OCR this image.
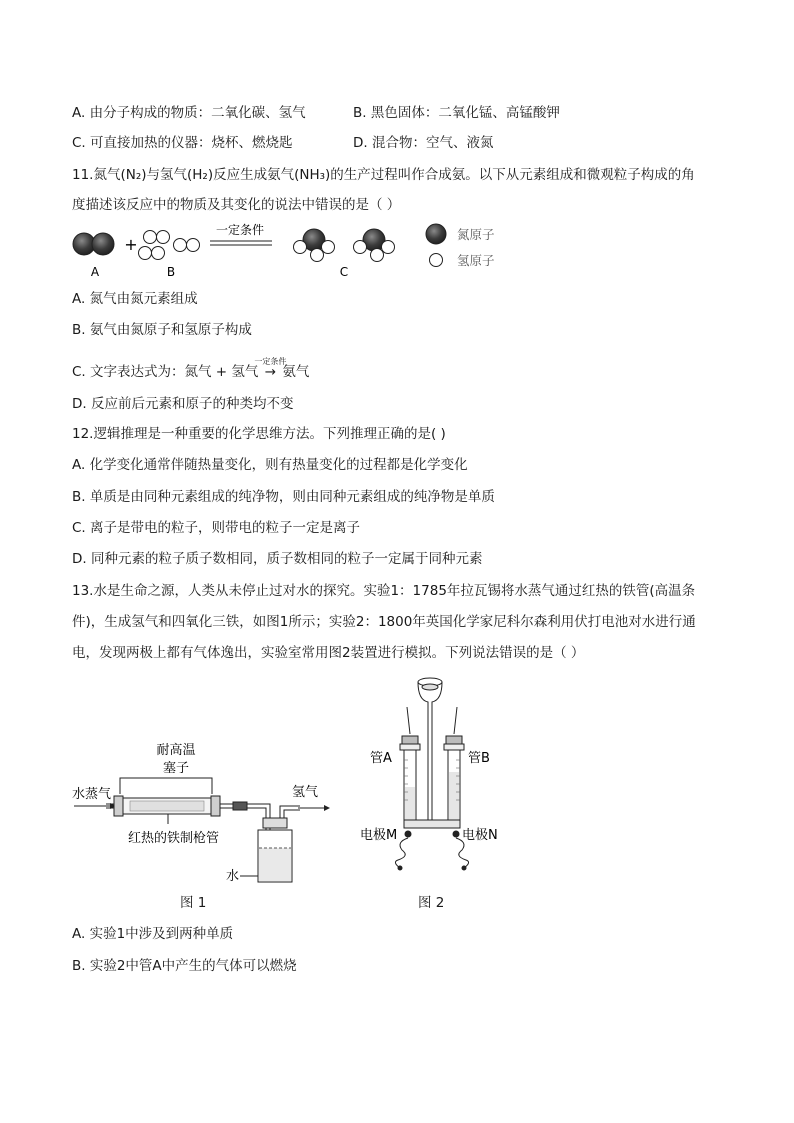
A. 由分子构成的物质：二氧化碳、氢气	B. 黑色固体：二氧化锰、高锰酸钾
C. 可直接加热的仪器：烧杯、燃烧匙	D. 混合物：空气、液氮
11.氮气(N₂)与氢气(H₂)反应生成氨气(NH₃)的生产过程叫作合成氨。以下从元素组成和微观粒子构成的角
度描述该反应中的物质及其变化的说法中错误的是（ ）
A
+
B
一定条件
C
氮原子
氢原子
A. 氮气由氮元素组成
B. 氨气由氮原子和氢原子构成
C. 文字表达式为：氮气 + 氢气
一定条件
→ 氨气
D. 反应前后元素和原子的种类均不变
12.逻辑推理是一种重要的化学思维方法。下列推理正确的是( )
A. 化学变化通常伴随热量变化，则有热量变化的过程都是化学变化
B. 单质是由同种元素组成的纯净物，则由同种元素组成的纯净物是单质
C. 离子是带电的粒子，则带电的粒子一定是离子
D. 同种元素的粒子质子数相同，质子数相同的粒子一定属于同种元素
13.水是生命之源，人类从未停止过对水的探究。实验1：1785年拉瓦锡将水蒸气通过红热的铁管(高温条
件)，生成氢气和四氧化三铁，如图1所示；实验2：1800年英国化学家尼科尔森利用伏打电池对水进行通
电，发现两极上都有气体逸出，实验室常用图2装置进行模拟。下列说法错误的是（ ）
耐高温
塞子
水蒸气	氢气
水
红热的铁制枪管
图 1
管A	管B
电极M	电极N
图 2
A. 实验1中涉及到两种单质
B. 实验2中管A中产生的气体可以燃烧
